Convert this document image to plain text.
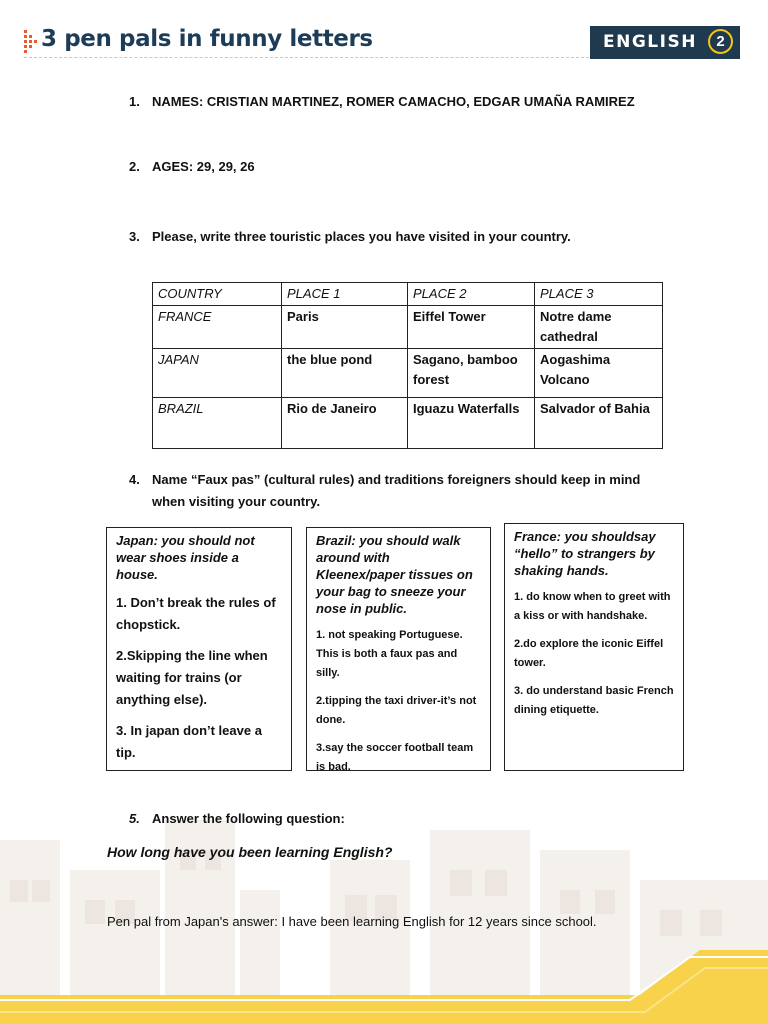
3 pen pals in funny letters	ENGLISH	2
1. NAMES: CRISTIAN MARTINEZ, ROMER CAMACHO, EDGAR UMAÑA RAMIREZ
2. AGES: 29, 29, 26
3. Please, write three touristic places you have visited in your country.
COUNTRY	PLACE 1	PLACE 2	PLACE 3
FRANCE	Paris	Eiffel Tower	Notre dame cathedral
JAPAN	the blue pond	Sagano, bamboo forest	Aogashima Volcano
BRAZIL	Rio de Janeiro	Iguazu Waterfalls	Salvador of Bahia
4. Name “Faux pas” (cultural rules) and traditions foreigners should keep in mind
when visiting your country.

Japan: you should not wear shoes inside a house.

1. Don’t break the rules of chopstick.

2.Skipping the line when waiting for trains (or anything else).

3. In japan don’t leave a tip.

Brazil: you should walk around with Kleenex/paper tissues on your bag to sneeze your nose in public.

1. not speaking Portuguese. This is both a faux pas and silly.

2.tipping the taxi driver-it’s not done.

3.say the soccer football team is bad.

France: you shouldsay “hello” to strangers by shaking hands.

1. do know when to greet with a kiss or with handshake.

2.do explore the iconic Eiffel tower.

3. do understand basic French dining etiquette.

5. Answer the following question:
How long have you been learning English?
Pen pal from Japan's answer: I have been learning English for 12 years since school.
